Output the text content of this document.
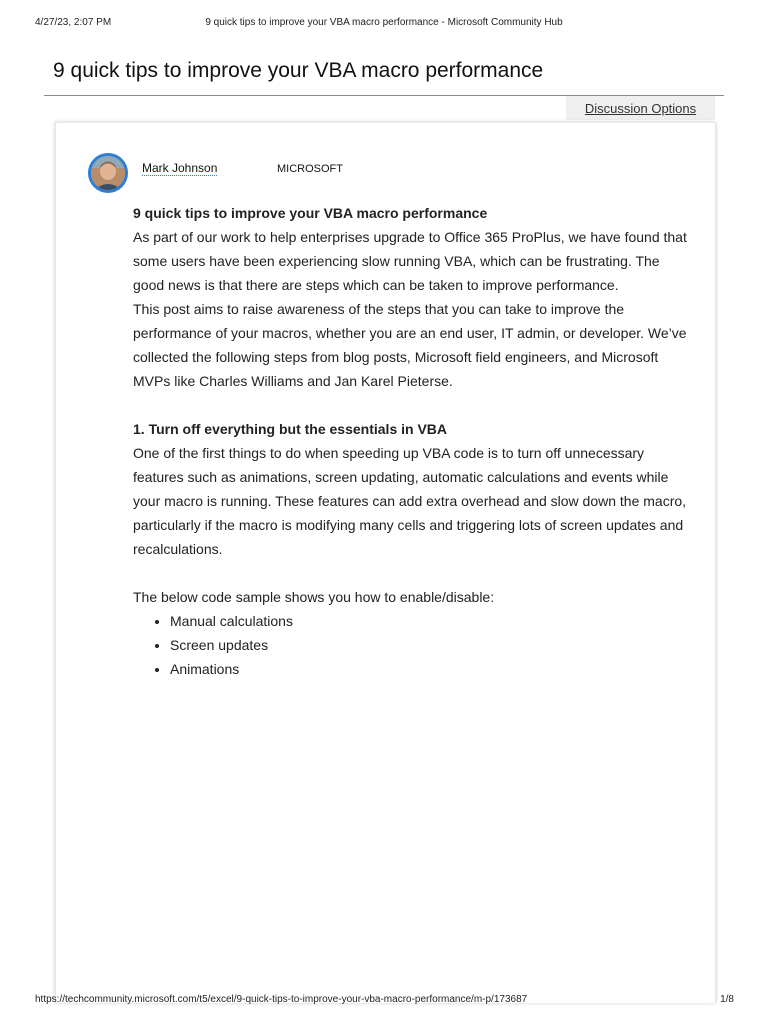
4/27/23, 2:07 PM	9 quick tips to improve your VBA macro performance - Microsoft Community Hub
9 quick tips to improve your VBA macro performance
Discussion Options
Mark Johnson	MICROSOFT

9 quick tips to improve your VBA macro performance

As part of our work to help enterprises upgrade to Office 365 ProPlus, we have found that some users have been experiencing slow running VBA, which can be frustrating. The good news is that there are steps which can be taken to improve performance.

This post aims to raise awareness of the steps that you can take to improve the performance of your macros, whether you are an end user, IT admin, or developer. We’ve collected the following steps from blog posts, Microsoft field engineers, and Microsoft MVPs like Charles Williams and Jan Karel Pieterse.

1. Turn off everything but the essentials in VBA

One of the first things to do when speeding up VBA code is to turn off unnecessary features such as animations, screen updating, automatic calculations and events while your macro is running. These features can add extra overhead and slow down the macro, particularly if the macro is modifying many cells and triggering lots of screen updates and recalculations.

The below code sample shows you how to enable/disable:

• Manual calculations
• Screen updates
• Animations
https://techcommunity.microsoft.com/t5/excel/9-quick-tips-to-improve-your-vba-macro-performance/m-p/173687	1/8
